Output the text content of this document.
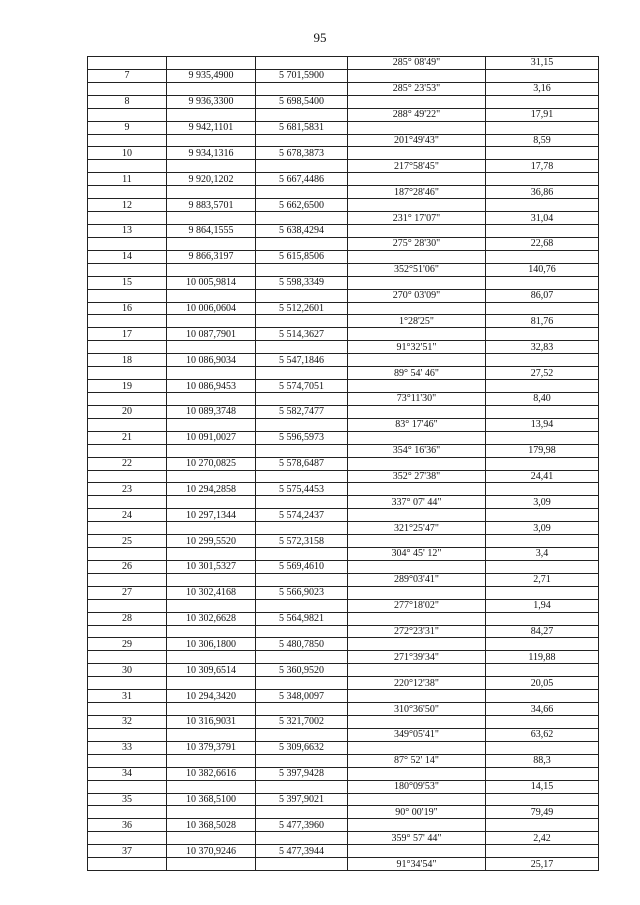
95
			285° 08'49"	31,15
7	9 935,4900	5 701,5900		
			285° 23'53"	3,16
8	9 936,3300	5 698,5400		
			288° 49'22"	17,91
9	9 942,1101	5 681,5831		
			201°49'43"	8,59
10	9 934,1316	5 678,3873		
			217°58'45"	17,78
11	9 920,1202	5 667,4486		
			187°28'46"	36,86
12	9 883,5701	5 662,6500		
			231° 17'07"	31,04
13	9 864,1555	5 638,4294		
			275° 28'30"	22,68
14	9 866,3197	5 615,8506		
			352°51'06"	140,76
15	10 005,9814	5 598,3349		
			270° 03'09"	86,07
16	10 006,0604	5 512,2601		
			1°28'25"	81,76
17	10 087,7901	5 514,3627		
			91°32'51"	32,83
18	10 086,9034	5 547,1846		
			89° 54' 46"	27,52
19	10 086,9453	5 574,7051		
			73°11'30"	8,40
20	10 089,3748	5 582,7477		
			83° 17'46"	13,94
21	10 091,0027	5 596,5973		
			354° 16'36"	179,98
22	10 270,0825	5 578,6487		
			352° 27'38"	24,41
23	10 294,2858	5 575,4453		
			337° 07' 44"	3,09
24	10 297,1344	5 574,2437		
			321°25'47"	3,09
25	10 299,5520	5 572,3158		
			304° 45' 12"	3,4
26	10 301,5327	5 569,4610		
			289°03'41"	2,71
27	10 302,4168	5 566,9023		
			277°18'02"	1,94
28	10 302,6628	5 564,9821		
			272°23'31"	84,27
29	10 306,1800	5 480,7850		
			271°39'34"	119,88
30	10 309,6514	5 360,9520		
			220°12'38"	20,05
31	10 294,3420	5 348,0097		
			310°36'50"	34,66
32	10 316,9031	5 321,7002		
			349°05'41"	63,62
33	10 379,3791	5 309,6632		
			87° 52' 14"	88,3
34	10 382,6616	5 397,9428		
			180°09'53"	14,15
35	10 368,5100	5 397,9021		
			90° 00'19"	79,49
36	10 368,5028	5 477,3960		
			359° 57' 44"	2,42
37	10 370,9246	5 477,3944		
			91°34'54"	25,17
